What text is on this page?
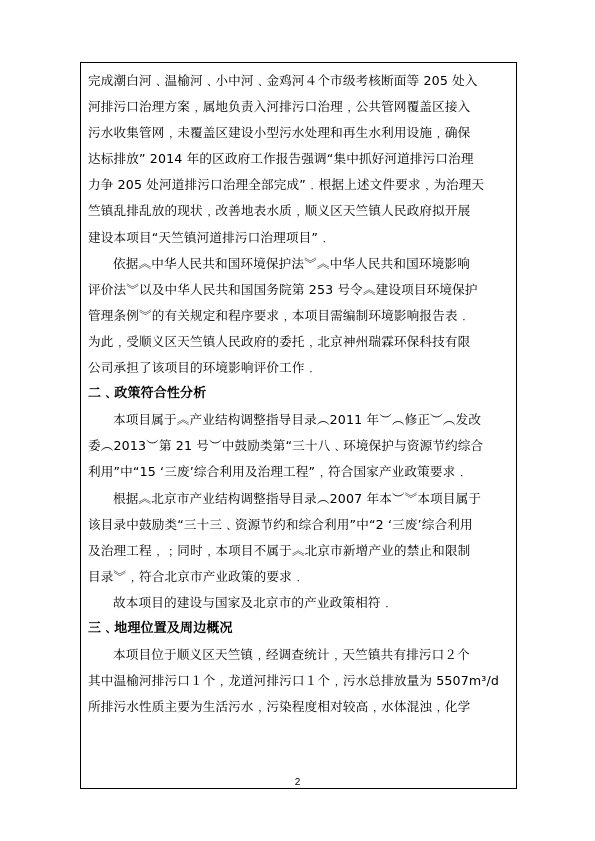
完成潮白河﹑温榆河﹑小中河﹑金鸡河４个市级考核断面等 205 处入
河排污口治理方案﹐属地负责入河排污口治理﹐公共管网覆盖区接入
污水收集管网﹐未覆盖区建设小型污水处理和再生水利用设施﹐确保
达标排放” 2014 年的区政府工作报告强调“集中抓好河道排污口治理
力争 205 处河道排污口治理全部完成”﹒根据上述文件要求﹐为治理天
竺镇乱排乱放的现状﹐改善地表水质﹐顺义区天竺镇人民政府拟开展
建设本项目“天竺镇河道排污口治理项目”﹒
依据︽中华人民共和国环境保护法︾︽中华人民共和国环境影响
评价法︾以及中华人民共和国国务院第 253 号令︽建设项目环境保护
管理条例︾的有关规定和程序要求﹐本项目需编制环境影响报告表﹒
为此﹐受顺义区天竺镇人民政府的委托﹐北京神州瑞霖环保科技有限
公司承担了该项目的环境影响评价工作﹒
二﹑政策符合性分析
本项目属于︽产业结构调整指导目录︵2011 年︶︵修正︶︵发改
委︵2013︶第 21 号︶中鼓励类第“三十八﹑环境保护与资源节约综合
利用”中“15 ‘三废’综合利用及治理工程”﹐符合国家产业政策要求﹒
根据︽北京市产业结构调整指导目录︵2007 年本︶︾本项目属于
该目录中鼓励类“三十三﹑资源节约和综合利用”中“2 ‘三废’综合利用
及治理工程﹐﹔同时﹐本项目不属于︽北京市新增产业的禁止和限制
目录︾﹐符合北京市产业政策的要求﹒
故本项目的建设与国家及北京市的产业政策相符﹒
三﹑地理位置及周边概况
本项目位于顺义区天竺镇﹐经调查统计﹐天竺镇共有排污口２个
其中温榆河排污口１个﹐龙道河排污口１个﹐污水总排放量为 5507m³/d
所排污水性质主要为生活污水﹐污染程度相对较高﹐水体混浊﹐化学
2
